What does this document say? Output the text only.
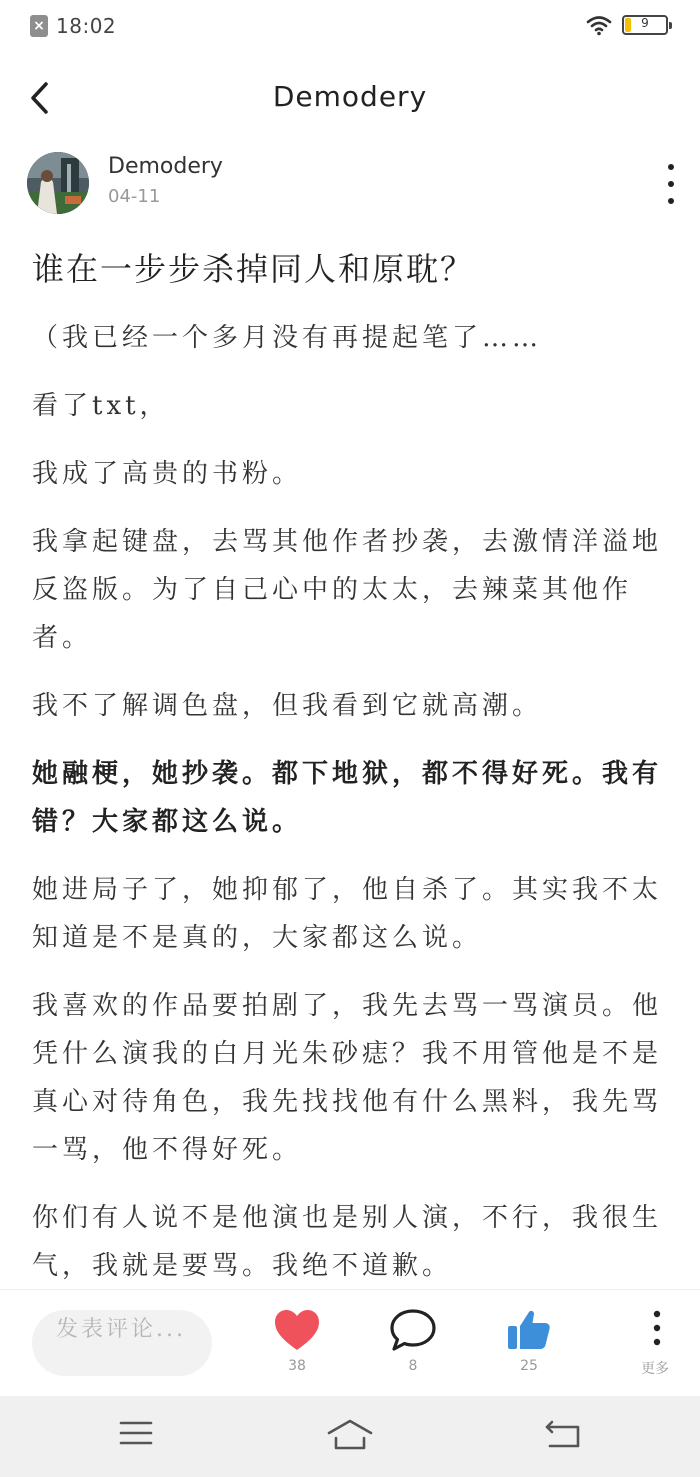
× 18:02	9
Demodery
Demodery
04-11
谁在一步步杀掉同人和原耽？

（我已经一个多月没有再提起笔了……

看了txt，

我成了高贵的书粉。

我拿起键盘，去骂其他作者抄袭，去激情洋溢地反盗版。为了自己心中的太太，去辣菜其他作者。

我不了解调色盘，但我看到它就高潮。

她融梗，她抄袭。都下地狱，都不得好死。我有错？大家都这么说。

她进局子了，她抑郁了，他自杀了。其实我不太知道是不是真的，大家都这么说。

我喜欢的作品要拍剧了，我先去骂一骂演员。他凭什么演我的白月光朱砂痣？我不用管他是不是真心对待角色，我先找找他有什么黑料，我先骂一骂，他不得好死。

你们有人说不是他演也是别人演，不行，我很生气，我就是要骂。我绝不道歉。

发表评论...
38	8	25	更多
